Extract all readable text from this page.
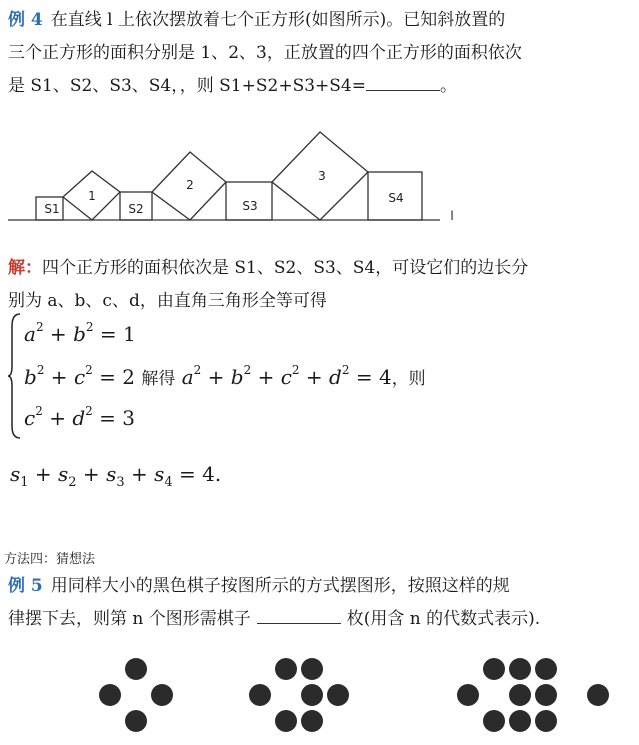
例 4 在直线 l 上依次摆放着七个正方形(如图所示)。已知斜放置的
三个正方形的面积分别是 1、2、3，正放置的四个正方形的面积依次
是 S1、S2、S3、S4，，则 S1+S2+S3+S4=	。

S1
1
S2
2
S3
3
S4
l

解：四个正方形的面积依次是 S1、S2、S3、S4，可设它们的边长分
别为 a、b、c、d，由直角三角形全等可得

$a^2 + b^2 = 1$
$b^2 + c^2 = 2$ 解得 $a^2 + b^2 + c^2 + d^2 = 4$，则
$c^2 + d^2 = 3$
$s_1 + s_2 + s_3 + s_4 = 4$.
方法四：猜想法

例 5 用同样大小的黑色棋子按图所示的方式摆图形，按照这样的规
律摆下去，则第 n 个图形需棋子	枚(用含 n 的代数式表示).
